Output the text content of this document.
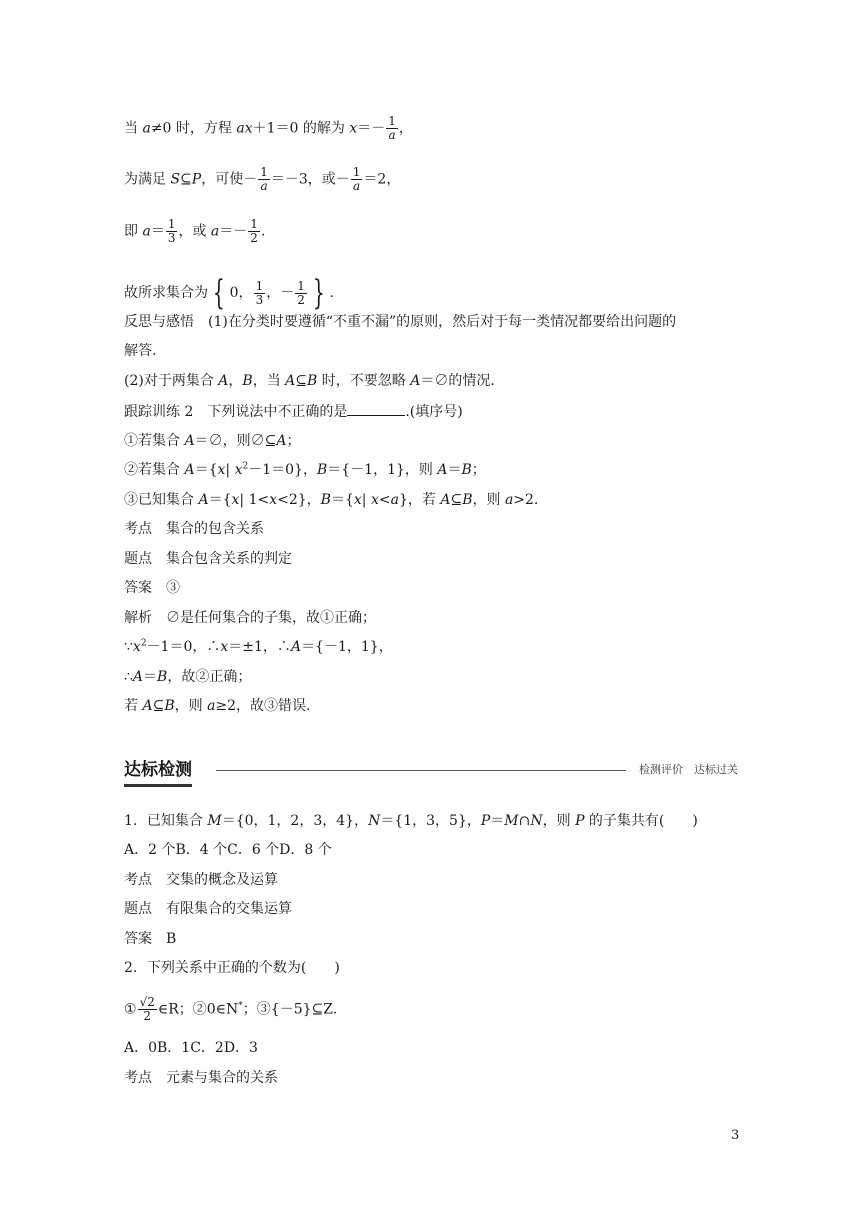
当 a≠0 时，方程 ax＋1＝0 的解为 $x=- \frac{1}{a}$ ，
为满足 S⊆P，可使－ $\frac{1}{a} =-3$，或－ $\frac{1}{a} =2$，
即 $a= \frac{1}{3}$ ，或 $a=- \frac{1}{2}$ .
故所求集合为 { 0， $\frac{1}{3}$ ，－ $\frac{1}{2}$ } .
反思与感悟　(1)在分类时要遵循“不重不漏”的原则，然后对于每一类情况都要给出问题的
解答.
(2)对于两集合 A，B，当 A⊆B 时，不要忽略 A＝∅的情况.
跟踪训练 2　下列说法中不正确的是	.(填序号)
①若集合 A＝∅，则∅⊆A；
②若集合 A＝{x| $x^2-1=0$}，B＝{－1，1}，则 A＝B；
③已知集合 A＝{x| 1<x<2}，B＝{x| x<a}，若 A⊆B，则 a>2.
考点　集合的包含关系
题点　集合包含关系的判定
答案　③
解析　∅是任何集合的子集，故①正确；
$\because x^2-1=0$，∴x＝±1，∴A＝{－1，1}，
∴A＝B，故②正确；
若 A⊆B，则 a≥2，故③错误.
达标检测	检测评价　达标过关
1．已知集合 M＝{0，1，2，3，4}，N＝{1，3，5}，P＝M∩N，则 P 的子集共有(　　)
A．2 个B．4 个C．6 个D．8 个
考点　交集的概念及运算
题点　有限集合的交集运算
答案　B
2．下列关系中正确的个数为(　　)
① $\frac{√2}{2}$ ∈R；②0∈N*；③{－5}⊆Z.
A．0B．1C．2D．3
考点　元素与集合的关系
3
